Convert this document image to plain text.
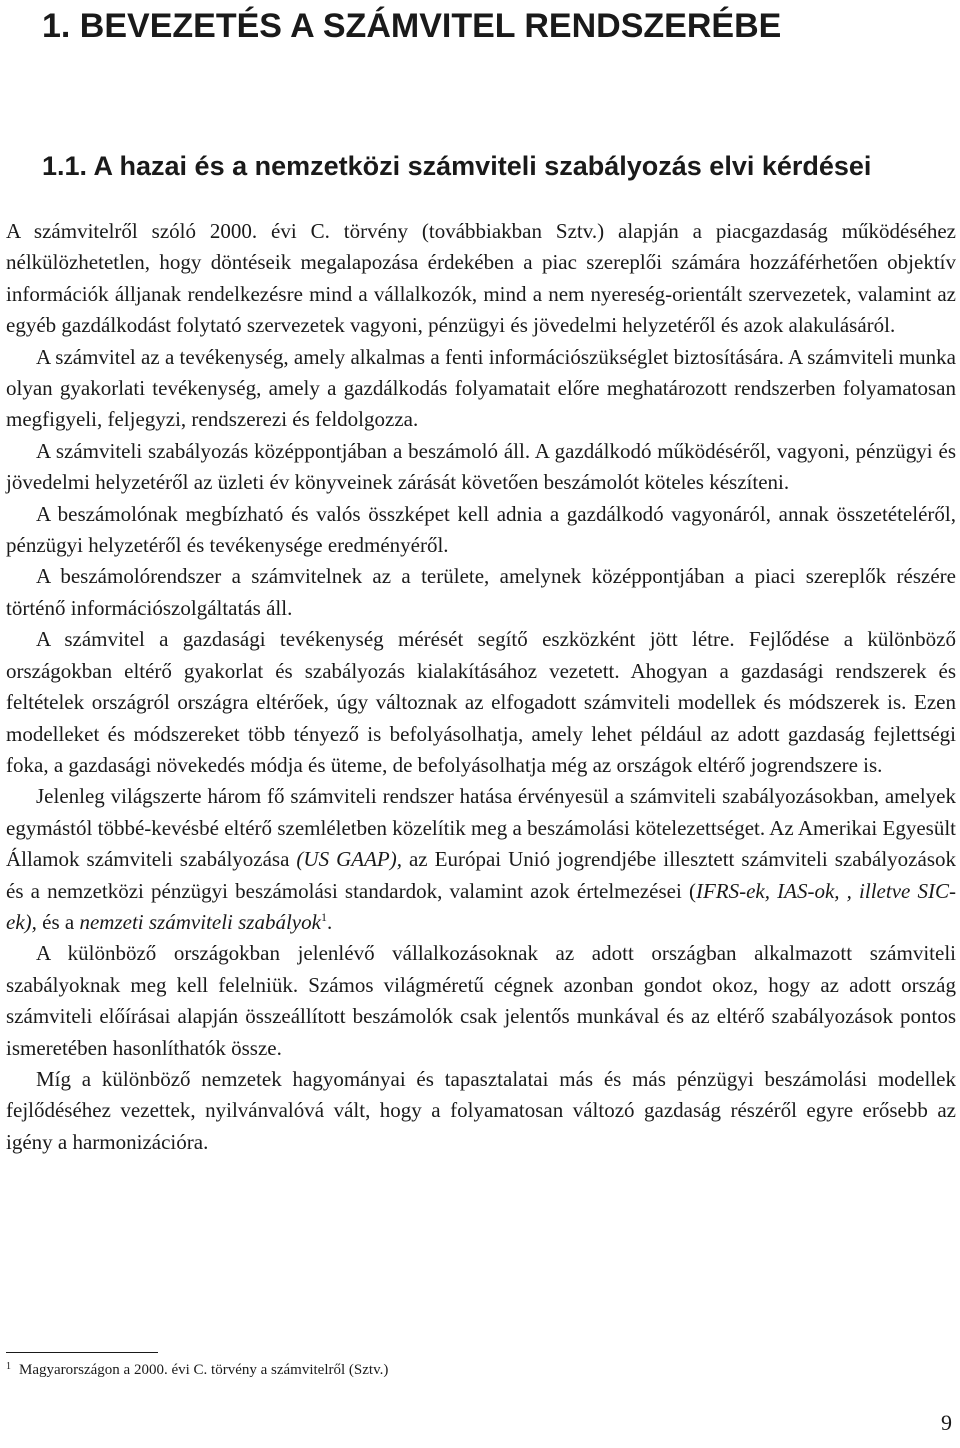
1. BEVEZETÉS A SZÁMVITEL RENDSZERÉBE
1.1. A hazai és a nemzetközi számviteli szabályozás elvi kérdései

A számvitelről szóló 2000. évi C. törvény (továbbiakban Sztv.) alapján a piacgazdaság működéséhez nélkülözhetetlen, hogy döntéseik megalapozása érdekében a piac szereplői számára hozzáférhetően objektív információk álljanak rendelkezésre mind a vállalkozók, mind a nem nyereség-orientált szervezetek, valamint az egyéb gazdálkodást folytató szervezetek vagyoni, pénzügyi és jövedelmi helyzetéről és azok alakulásáról.

A számvitel az a tevékenység, amely alkalmas a fenti információszükséglet biztosítására. A számviteli munka olyan gyakorlati tevékenység, amely a gazdálkodás folyamatait előre meghatározott rendszerben folyamatosan megfigyeli, feljegyzi, rendszerezi és feldolgozza.

A számviteli szabályozás középpontjában a beszámoló áll. A gazdálkodó működéséről, vagyoni, pénzügyi és jövedelmi helyzetéről az üzleti év könyveinek zárását követően beszámolót köteles készíteni.

A beszámolónak megbízható és valós összképet kell adnia a gazdálkodó vagyonáról, annak összetételéről, pénzügyi helyzetéről és tevékenysége eredményéről.

A beszámolórendszer a számvitelnek az a területe, amelynek középpontjában a piaci szereplők részére történő információszolgáltatás áll.

A számvitel a gazdasági tevékenység mérését segítő eszközként jött létre. Fejlődése a különböző országokban eltérő gyakorlat és szabályozás kialakításához vezetett. Ahogyan a gazdasági rendszerek és feltételek országról országra eltérőek, úgy változnak az elfogadott számviteli modellek és módszerek is. Ezen modelleket és módszereket több tényező is befolyásolhatja, amely lehet például az adott gazdaság fejlettségi foka, a gazdasági növekedés módja és üteme, de befolyásolhatja még az országok eltérő jogrendszere is.

Jelenleg világszerte három fő számviteli rendszer hatása érvényesül a számviteli szabályozásokban, amelyek egymástól többé-kevésbé eltérő szemléletben közelítik meg a beszámolási kötelezettséget. Az Amerikai Egyesült Államok számviteli szabályozása (US GAAP), az Európai Unió jogrendjébe illesztett számviteli szabályozások és a nemzetközi pénzügyi beszámolási standardok, valamint azok értelmezései (IFRS-ek, IAS-ok, , illetve SIC-ek), és a nemzeti számviteli szabályok$^1$.

A különböző országokban jelenlévő vállalkozásoknak az adott országban alkalmazott számviteli szabályoknak meg kell felelniük. Számos világméretű cégnek azonban gondot okoz, hogy az adott ország számviteli előírásai alapján összeállított beszámolók csak jelentős munkával és az eltérő szabályozások pontos ismeretében hasonlíthatók össze.

Míg a különböző nemzetek hagyományai és tapasztalatai más és más pénzügyi beszámolási modellek fejlődéséhez vezettek, nyilvánvalóvá vált, hogy a folyamatosan változó gazdaság részéről egyre erősebb az igény a harmonizációra.

$^1$ Magyarországon a 2000. évi C. törvény a számvitelről (Sztv.)
9
